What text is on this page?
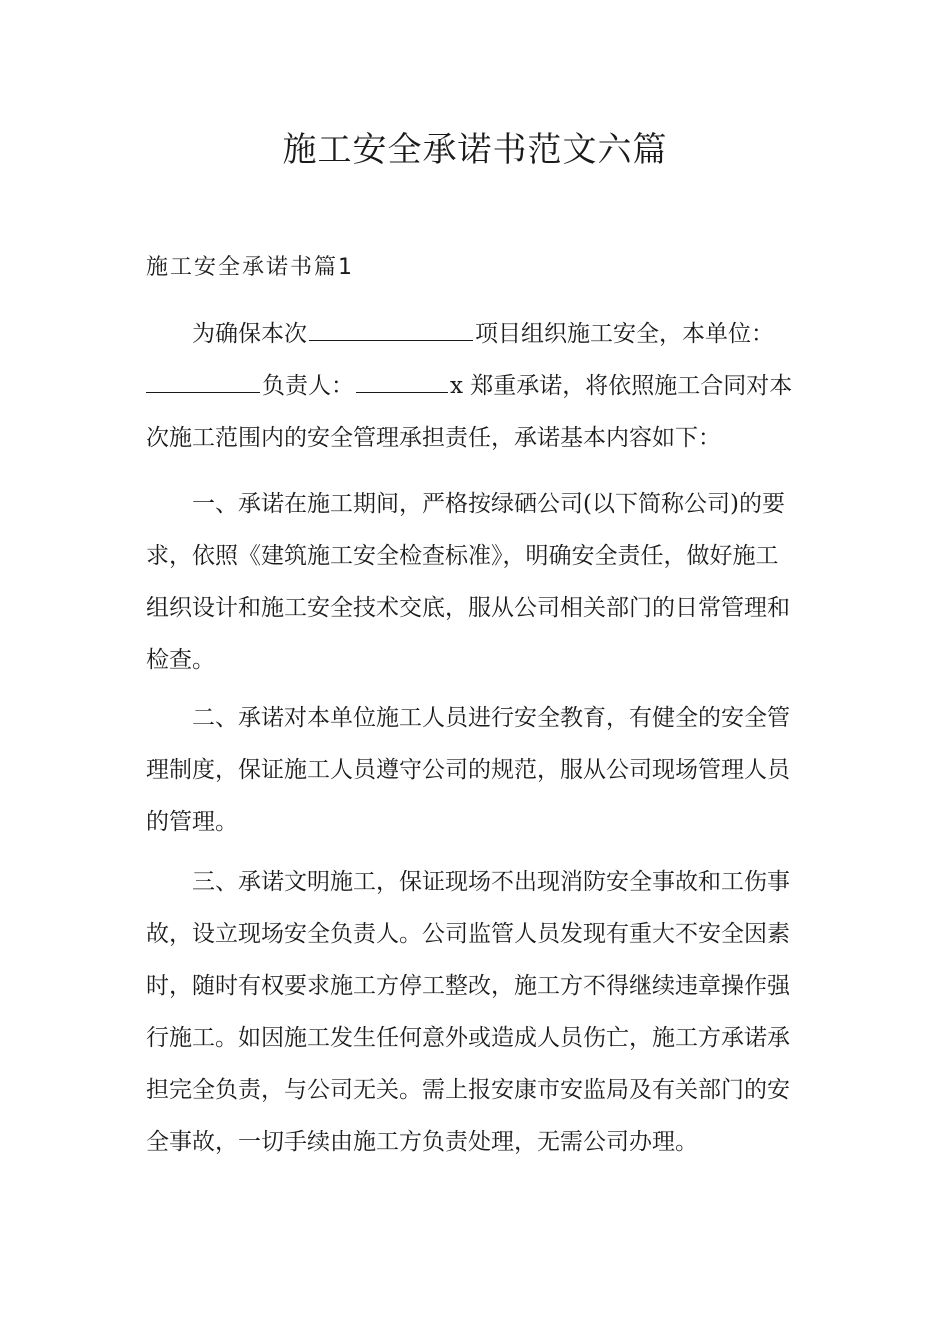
施工安全承诺书范文六篇
施工安全承诺书篇1
为确保本次	项目组织施工安全，本单位：
负责人：	x 郑重承诺，将依照施工合同对本
次施工范围内的安全管理承担责任，承诺基本内容如下：
一、承诺在施工期间，严格按绿硒公司(以下简称公司)的要
求，依照《建筑施工安全检查标准》，明确安全责任，做好施工
组织设计和施工安全技术交底，服从公司相关部门的日常管理和
检查。
二、承诺对本单位施工人员进行安全教育，有健全的安全管
理制度，保证施工人员遵守公司的规范，服从公司现场管理人员
的管理。
三、承诺文明施工，保证现场不出现消防安全事故和工伤事
故，设立现场安全负责人。公司监管人员发现有重大不安全因素
时，随时有权要求施工方停工整改，施工方不得继续违章操作强
行施工。如因施工发生任何意外或造成人员伤亡，施工方承诺承
担完全负责，与公司无关。需上报安康市安监局及有关部门的安
全事故，一切手续由施工方负责处理，无需公司办理。
